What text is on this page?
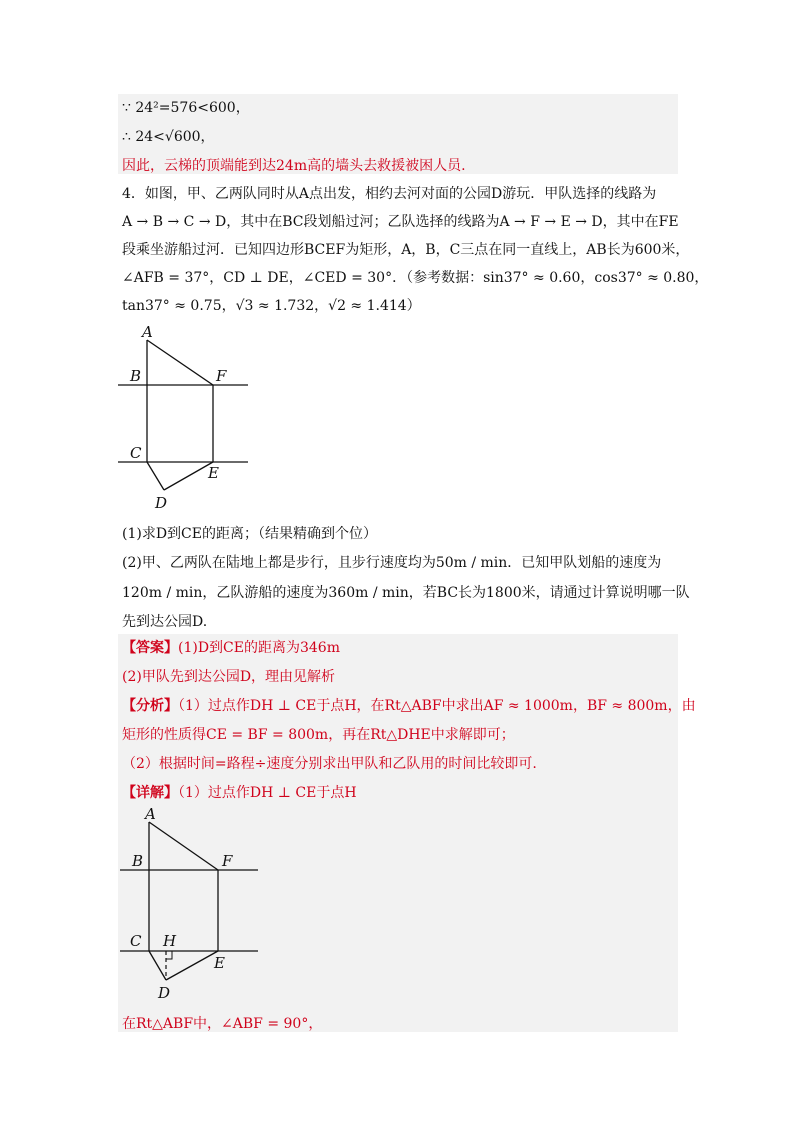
∵ 24²=576<600，
∴ 24<√600，
因此，云梯的顶端能到达24m高的墙头去救援被困人员.
4．如图，甲、乙两队同时从A点出发，相约去河对面的公园D游玩．甲队选择的线路为
A → B → C → D，其中在BC段划船过河；乙队选择的线路为A → F → E → D，其中在FE
段乘坐游船过河．已知四边形BCEF为矩形，A，B，C三点在同一直线上，AB长为600米，
∠AFB = 37°，CD ⊥ DE，∠CED = 30°．（参考数据：sin37° ≈ 0.60，cos37° ≈ 0.80，
tan37° ≈ 0.75，√3 ≈ 1.732，√2 ≈ 1.414）
A
B	F
C
E
D
(1)求D到CE的距离；（结果精确到个位）
(2)甲、乙两队在陆地上都是步行，且步行速度均为50m / min．已知甲队划船的速度为
120m / min，乙队游船的速度为360m / min，若BC长为1800米，请通过计算说明哪一队
先到达公园D.
【答案】(1)D到CE的距离为346m
(2)甲队先到达公园D，理由见解析
【分析】（1）过点作DH ⊥ CE于点H，在Rt△ABF中求出AF ≈ 1000m，BF ≈ 800m，由
矩形的性质得CE = BF = 800m，再在Rt△DHE中求解即可；
（2）根据时间=路程÷速度分别求出甲队和乙队用的时间比较即可.
【详解】（1）过点作DH ⊥ CE于点H
A
B	F
C H
E
D
在Rt△ABF中，∠ABF = 90°，
